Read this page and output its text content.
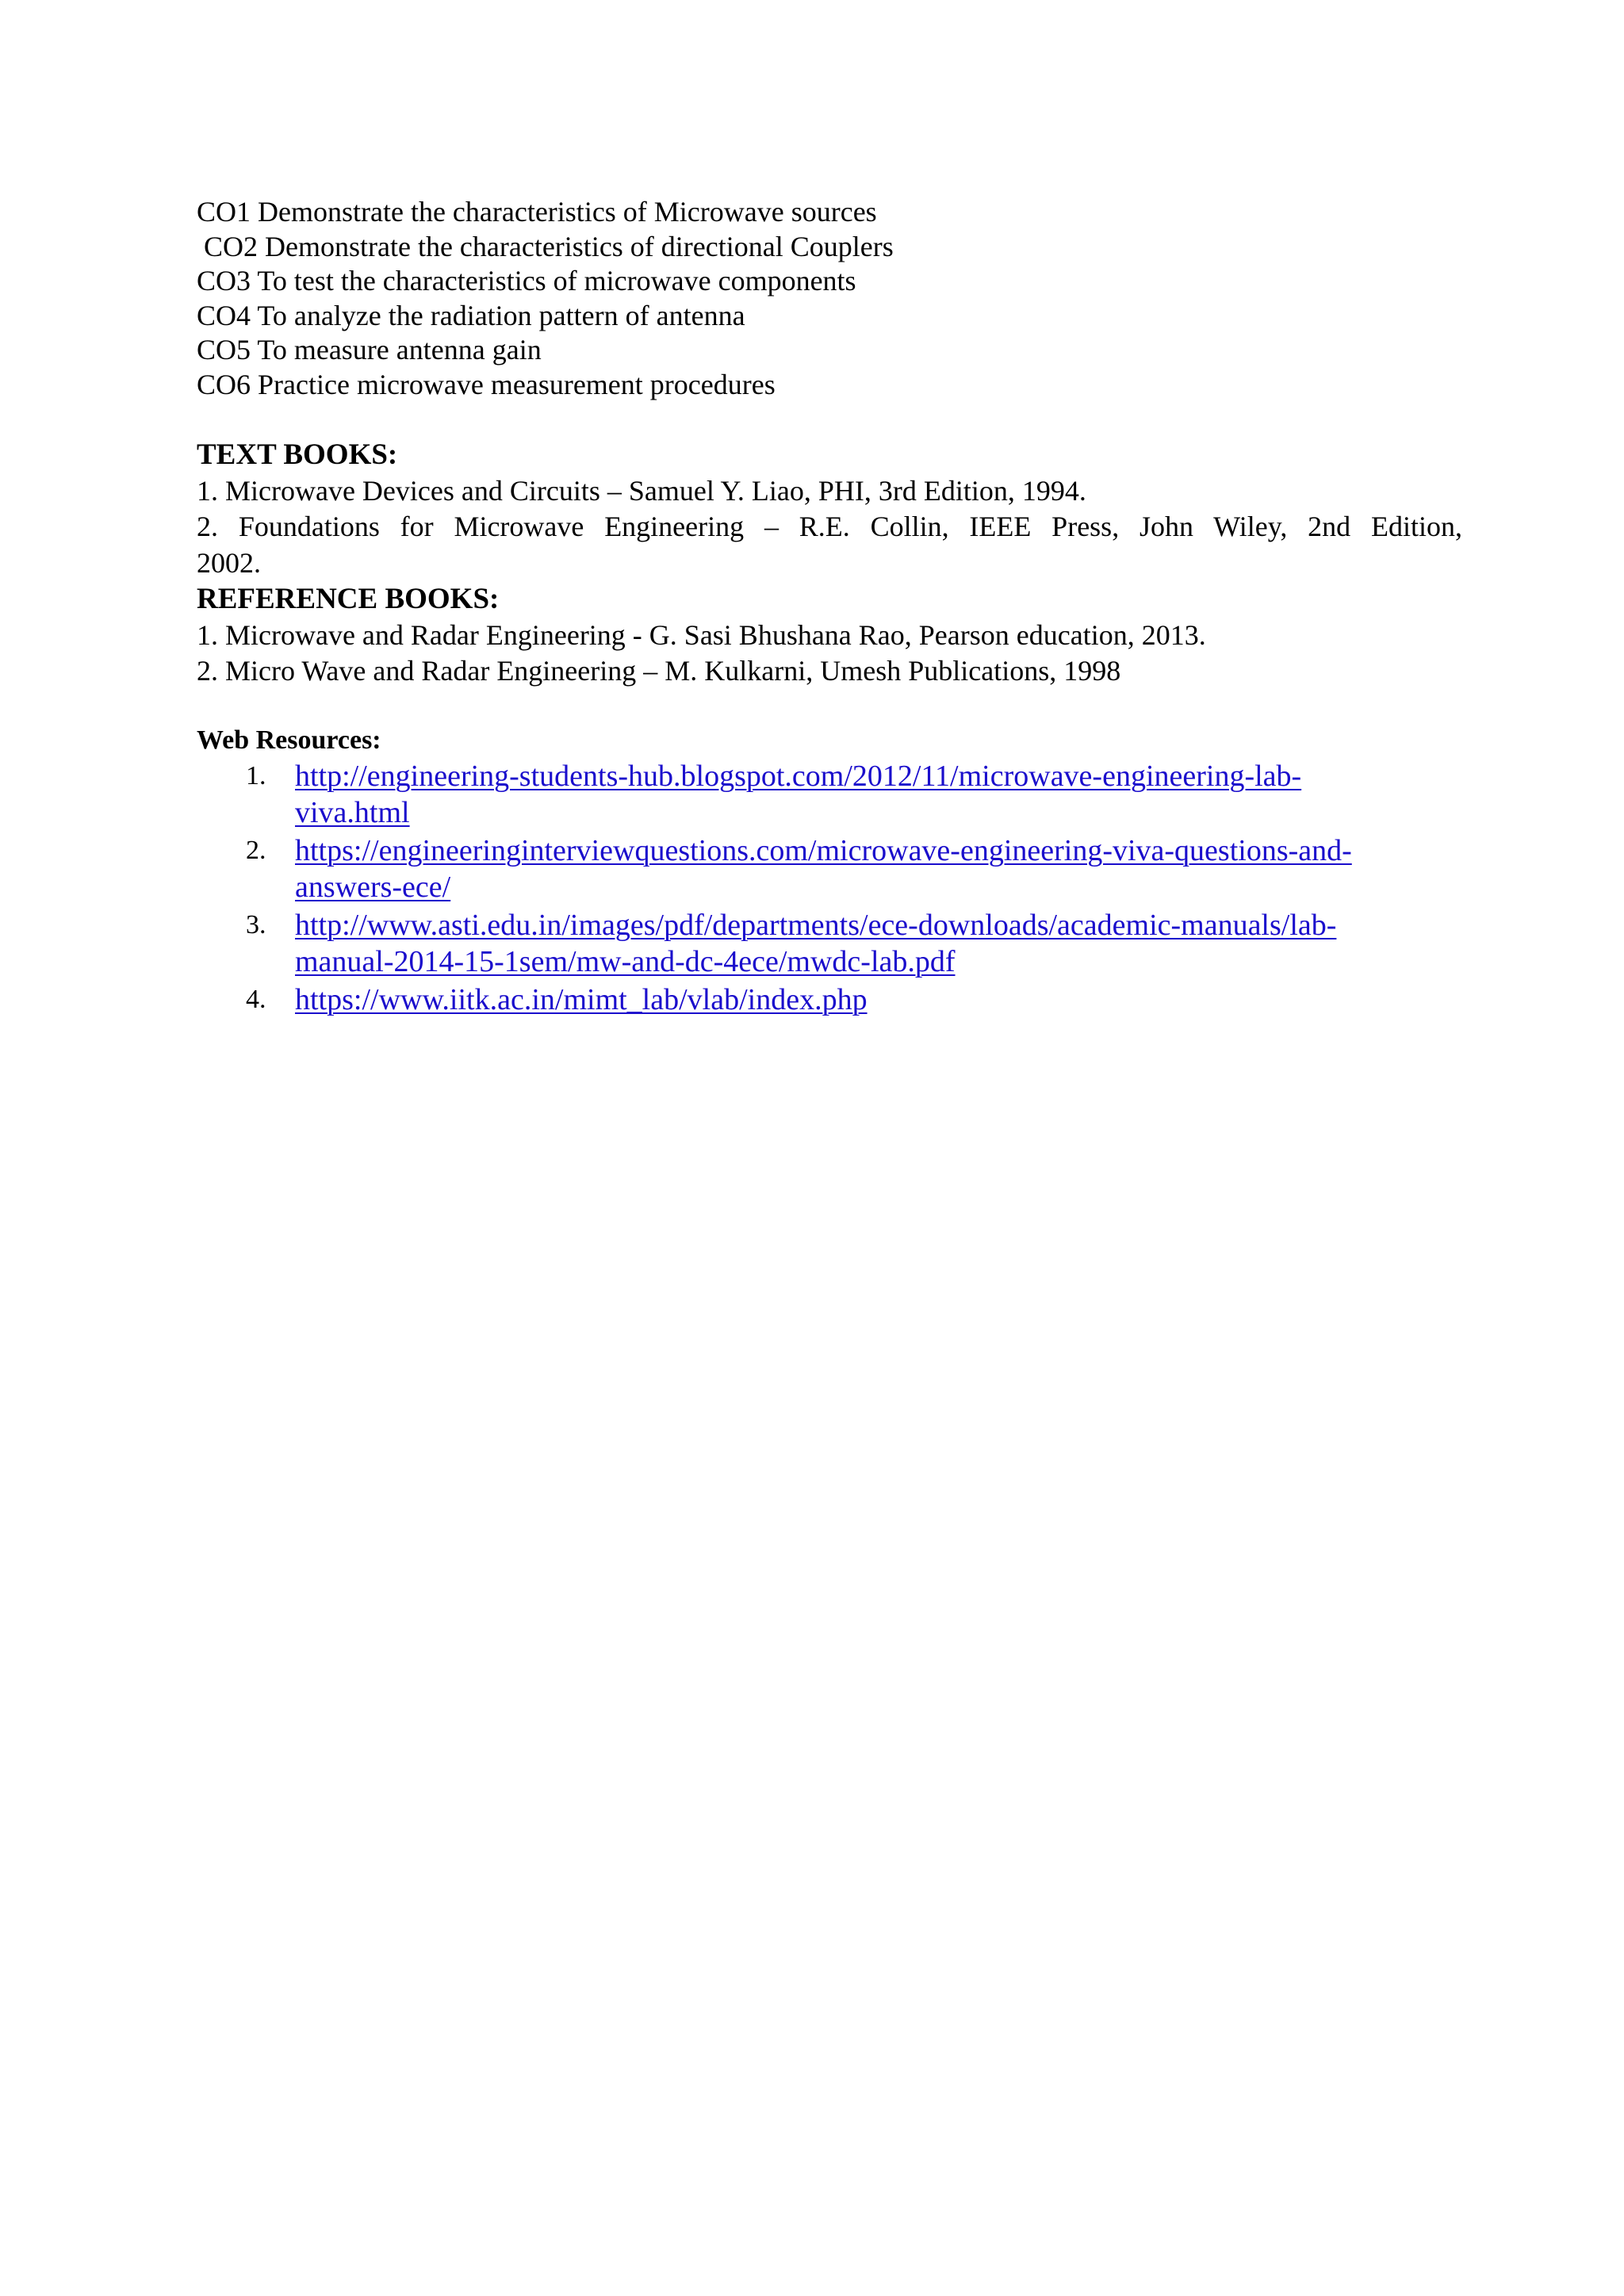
CO1 Demonstrate the characteristics of Microwave sources
CO2 Demonstrate the characteristics of directional Couplers
CO3 To test the characteristics of microwave components
CO4 To analyze the radiation pattern of antenna
CO5 To measure antenna gain
CO6 Practice microwave measurement procedures
TEXT BOOKS:
1. Microwave Devices and Circuits – Samuel Y. Liao, PHI, 3rd Edition, 1994.
2. Foundations for Microwave Engineering – R.E. Collin, IEEE Press, John Wiley, 2nd Edition,
2002.
REFERENCE BOOKS:
1. Microwave and Radar Engineering - G. Sasi Bhushana Rao, Pearson education, 2013.
2. Micro Wave and Radar Engineering – M. Kulkarni, Umesh Publications, 1998
Web Resources:
1. http://engineering-students-hub.blogspot.com/2012/11/microwave-engineering-lab-
viva.html
2. https://engineeringinterviewquestions.com/microwave-engineering-viva-questions-and-
answers-ece/
3. http://www.asti.edu.in/images/pdf/departments/ece-downloads/academic-manuals/lab-
manual-2014-15-1sem/mw-and-dc-4ece/mwdc-lab.pdf
4. https://www.iitk.ac.in/mimt_lab/vlab/index.php
